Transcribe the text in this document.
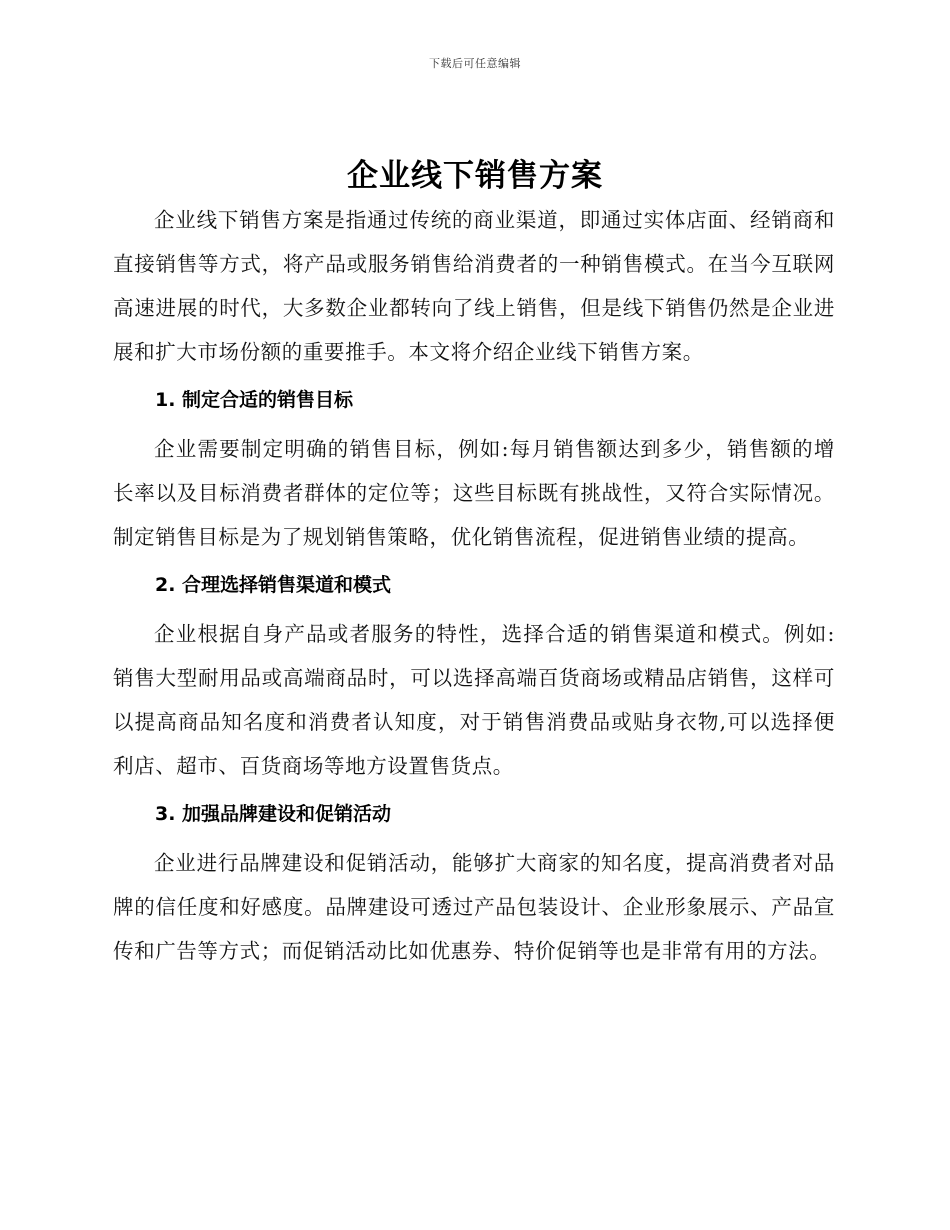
下载后可任意编辑
企业线下销售方案

企业线下销售方案是指通过传统的商业渠道，即通过实体店面、经销商和直接销售等方式，将产品或服务销售给消费者的一种销售模式。在当今互联网高速进展的时代，大多数企业都转向了线上销售，但是线下销售仍然是企业进展和扩大市场份额的重要推手。本文将介绍企业线下销售方案。

1. 制定合适的销售目标

企业需要制定明确的销售目标，例如:每月销售额达到多少，销售额的增长率以及目标消费者群体的定位等；这些目标既有挑战性，又符合实际情况。制定销售目标是为了规划销售策略，优化销售流程，促进销售业绩的提高。

2. 合理选择销售渠道和模式

企业根据自身产品或者服务的特性，选择合适的销售渠道和模式。例如:销售大型耐用品或高端商品时，可以选择高端百货商场或精品店销售，这样可以提高商品知名度和消费者认知度，对于销售消费品或贴身衣物,可以选择便利店、超市、百货商场等地方设置售货点。

3. 加强品牌建设和促销活动

企业进行品牌建设和促销活动，能够扩大商家的知名度，提高消费者对品牌的信任度和好感度。品牌建设可透过产品包装设计、企业形象展示、产品宣传和广告等方式；而促销活动比如优惠券、特价促销等也是非常有用的方法。
